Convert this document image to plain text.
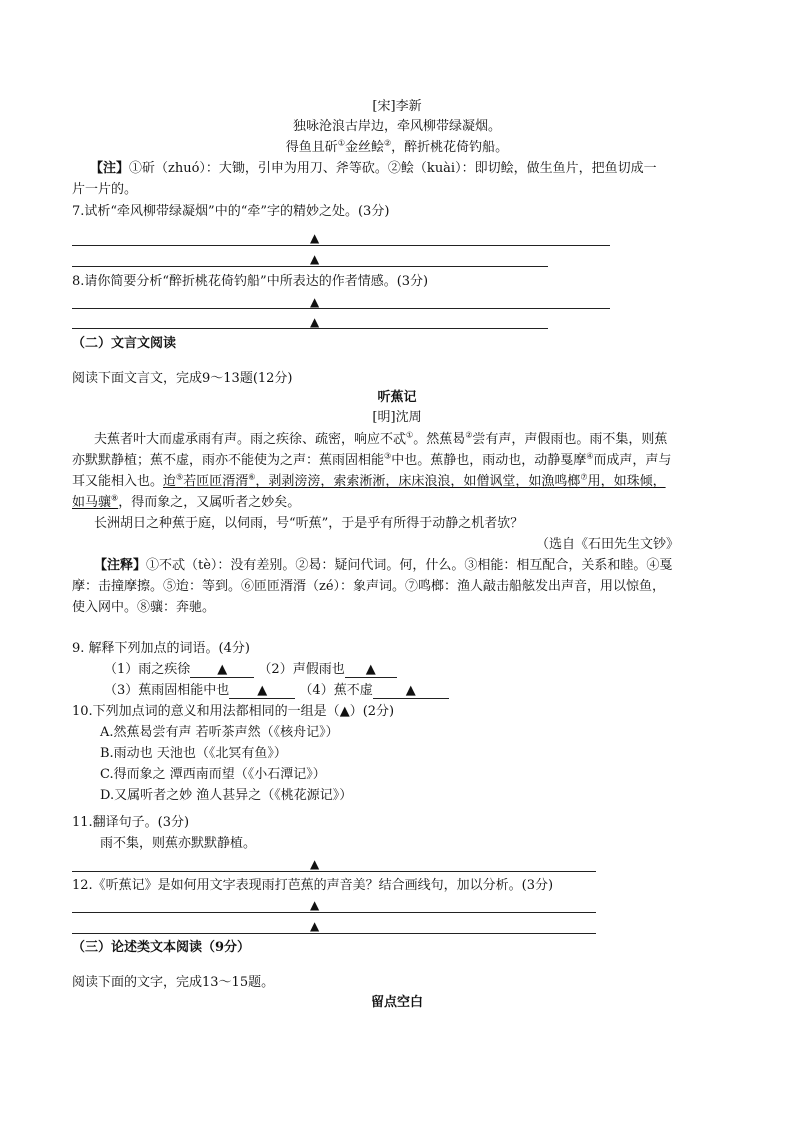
[宋]李新
独咏沧浪古岸边，牵风柳带绿凝烟。
得鱼且斫①金丝鲙②，醉折桃花倚钓船。
【注】①斫（zhuó）：大锄，引申为用刀、斧等砍。②鲙（kuài）：即切鲙，做生鱼片，把鱼切成一
片一片的。
7.试析“牵风柳带绿凝烟”中的“牵”字的精妙之处。(3分)
▲
▲
8.请你简要分析“醉折桃花倚钓船”中所表达的作者情感。(3分)
▲
▲
（二）文言文阅读
阅读下面文言文，完成9～13题(12分)
听蕉记
[明]沈周
夫蕉者叶大而虚承雨有声。雨之疾徐、疏密，响应不忒①。然蕉曷②尝有声，声假雨也。雨不集，则蕉
亦默默静植；蕉不虚，雨亦不能使为之声：蕉雨固相能③中也。蕉静也，雨动也，动静戛摩④而成声，声与
耳又能相入也。迨⑤若匝匝湑湑⑥，剥剥滂滂，索索淅淅，床床浪浪，如僧讽堂，如漁鸣榔⑦用，如珠倾，
如马骧⑧，得而象之，又属听者之妙矣。
长洲胡日之种蕉于庭，以伺雨，号“听蕉”，于是乎有所得于动静之机者欤？
（选自《石田先生文钞》
【注释】①不忒（tè）：没有差别。②曷：疑问代词。何，什么。③相能：相互配合，关系和睦。④戛
摩：击撞摩擦。⑤迨：等到。⑥匝匝湑湑（zé）：象声词。⑦鸣榔：渔人敲击船舷发出声音，用以惊鱼，
使入网中。⑧骧：奔驰。
9. 解释下列加点的词语。(4分)
（1）雨之疾徐 ▲ （2）声假雨也 ▲
（3）蕉雨固相能中也 ▲ （4）蕉不虚	▲
10.下列加点词的意义和用法都相同的一组是（▲）(2分)
A.然蕉曷尝有声 若听茶声然（《核舟记》）
B.雨动也 天池也（《北冥有鱼》）
C.得而象之 潭西南而望（《小石潭记》）
D.又属听者之妙 渔人甚异之（《桃花源记》）
11.翻译句子。(3分)
雨不集，则蕉亦默默静植。
▲
12.《听蕉记》是如何用文字表现雨打芭蕉的声音美？结合画线句，加以分析。(3分)
▲
▲
（三）论述类文本阅读（9分）
阅读下面的文字，完成13～15题。
留点空白
